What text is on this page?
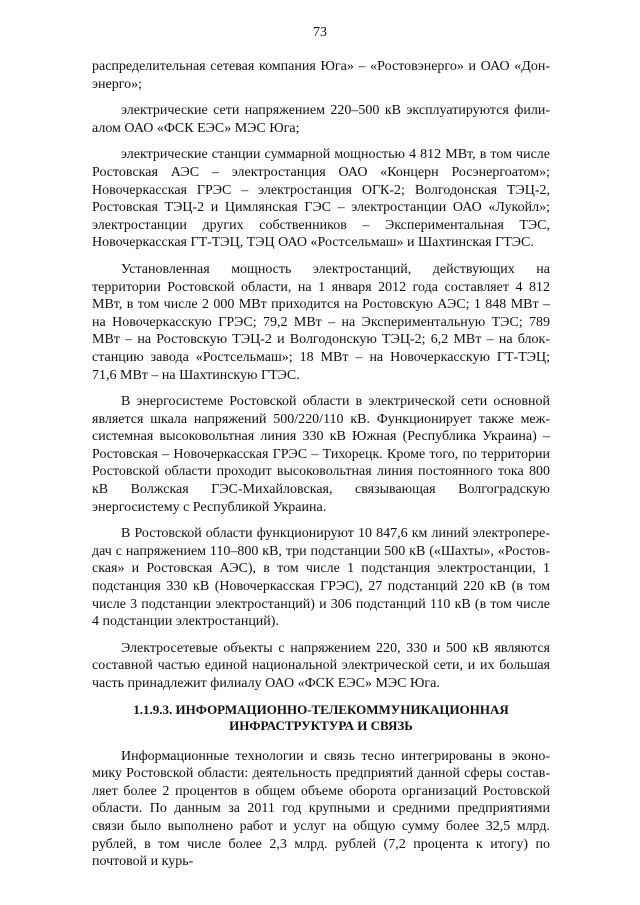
73

распределительная сетевая компания Юга» – «Ростовэнерго» и ОАО «Донэнерго»;

электрические сети напряжением 220–500 кВ эксплуатируются филиалом ОАО «ФСК ЕЭС» МЭС Юга;

электрические станции суммарной мощностью 4 812 МВт, в том числе Ростовская АЭС – электростанция ОАО «Концерн Росэнергоатом»; Новочеркасская ГРЭС – электростанция ОГК-2; Волгодонская ТЭЦ-2, Ростовская ТЭЦ-2 и Цимлянская ГЭС – электростанции ОАО «Лукойл»; электростанции других собственников – Экспериментальная ТЭС, Новочеркасская ГТ-ТЭЦ, ТЭЦ ОАО «Ростсельмаш» и Шахтинская ГТЭС.

Установленная мощность электростанций, действующих на территории Ростовской области, на 1 января 2012 года составляет 4 812 МВт, в том числе 2 000 МВт приходится на Ростовскую АЭС; 1 848 МВт – на Новочеркасскую ГРЭС; 79,2 МВт – на Экспериментальную ТЭС; 789 МВт – на Ростовскую ТЭЦ-2 и Волгодонскую ТЭЦ-2; 6,2 МВт – на блок-станцию завода «Ростсельмаш»; 18 МВт – на Новочеркасскую ГТ-ТЭЦ; 71,6 МВт – на Шахтинскую ГТЭС.

В энергосистеме Ростовской области в электрической сети основной является шкала напряжений 500/220/110 кВ. Функционирует также межсистемная высоковольтная линия 330 кВ Южная (Республика Украина) – Ростовская – Новочеркасская ГРЭС – Тихорецк. Кроме того, по территории Ростовской области проходит высоковольтная линия постоянного тока 800 кВ Волжская ГЭС-Михайловская, связывающая Волгоградскую энергосистему с Республикой Украина.

В Ростовской области функционируют 10 847,6 км линий электропередач с напряжением 110–800 кВ, три подстанции 500 кВ («Шахты», «Ростовская» и Ростовская АЭС), в том числе 1 подстанция электростанции, 1 подстанция 330 кВ (Новочеркасская ГРЭС), 27 подстанций 220 кВ (в том числе 3 подстанции электростанций) и 306 подстанций 110 кВ (в том числе 4 подстанции электростанций).

Электросетевые объекты с напряжением 220, 330 и 500 кВ являются составной частью единой национальной электрической сети, и их большая часть принадлежит филиалу ОАО «ФСК ЕЭС» МЭС Юга.

1.1.9.3. ИНФОРМАЦИОННО-ТЕЛЕКОММУНИКАЦИОННАЯ
ИНФРАСТРУКТУРА И СВЯЗЬ

Информационные технологии и связь тесно интегрированы в экономику Ростовской области: деятельность предприятий данной сферы составляет более 2 процентов в общем объеме оборота организаций Ростовской области. По данным за 2011 год крупными и средними предприятиями связи было выполнено работ и услуг на общую сумму более 32,5 млрд. рублей, в том числе более 2,3 млрд. рублей (7,2 процента к итогу) по почтовой и курь-
